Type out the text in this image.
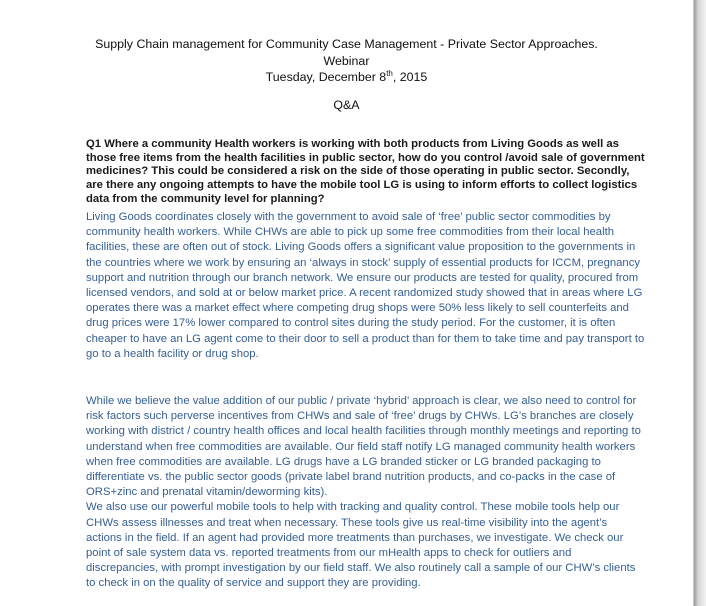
Supply Chain management for Community Case Management - Private Sector Approaches.
Webinar
Tuesday, December 8th, 2015
Q&A
Q1 Where a community Health workers is working with both products from Living Goods as well as those free items from the health facilities in public sector, how do you control /avoid sale of government medicines? This could be considered a risk on the side of those operating in public sector. Secondly, are there any ongoing attempts to have the mobile tool LG is using to inform efforts to collect logistics data from the community level for planning?

Living Goods coordinates closely with the government to avoid sale of ‘free’ public sector commodities by community health workers. While CHWs are able to pick up some free commodities from their local health facilities, these are often out of stock. Living Goods offers a significant value proposition to the governments in the countries where we work by ensuring an ‘always in stock’ supply of essential products for ICCM, pregnancy support and nutrition through our branch network. We ensure our products are tested for quality, procured from licensed vendors, and sold at or below market price. A recent randomized study showed that in areas where LG operates there was a market effect where competing drug shops were 50% less likely to sell counterfeits and drug prices were 17% lower compared to control sites during the study period. For the customer, it is often cheaper to have an LG agent come to their door to sell a product than for them to take time and pay transport to go to a health facility or drug shop.

While we believe the value addition of our public / private ‘hybrid’ approach is clear, we also need to control for risk factors such perverse incentives from CHWs and sale of ‘free’ drugs by CHWs. LG’s branches are closely working with district / country health offices and local health facilities through monthly meetings and reporting to understand when free commodities are available. Our field staff notify LG managed community health workers when free commodities are available. LG drugs have a LG branded sticker or LG branded packaging to differentiate vs. the public sector goods (private label brand nutrition products, and co-packs in the case of ORS+zinc and prenatal vitamin/deworming kits).

We also use our powerful mobile tools to help with tracking and quality control. These mobile tools help our CHWs assess illnesses and treat when necessary. These tools give us real-time visibility into the agent’s actions in the field. If an agent had provided more treatments than purchases, we investigate. We check our point of sale system data vs. reported treatments from our mHealth apps to check for outliers and discrepancies, with prompt investigation by our field staff. We also routinely call a sample of our CHW’s clients to check in on the quality of service and support they are providing.
